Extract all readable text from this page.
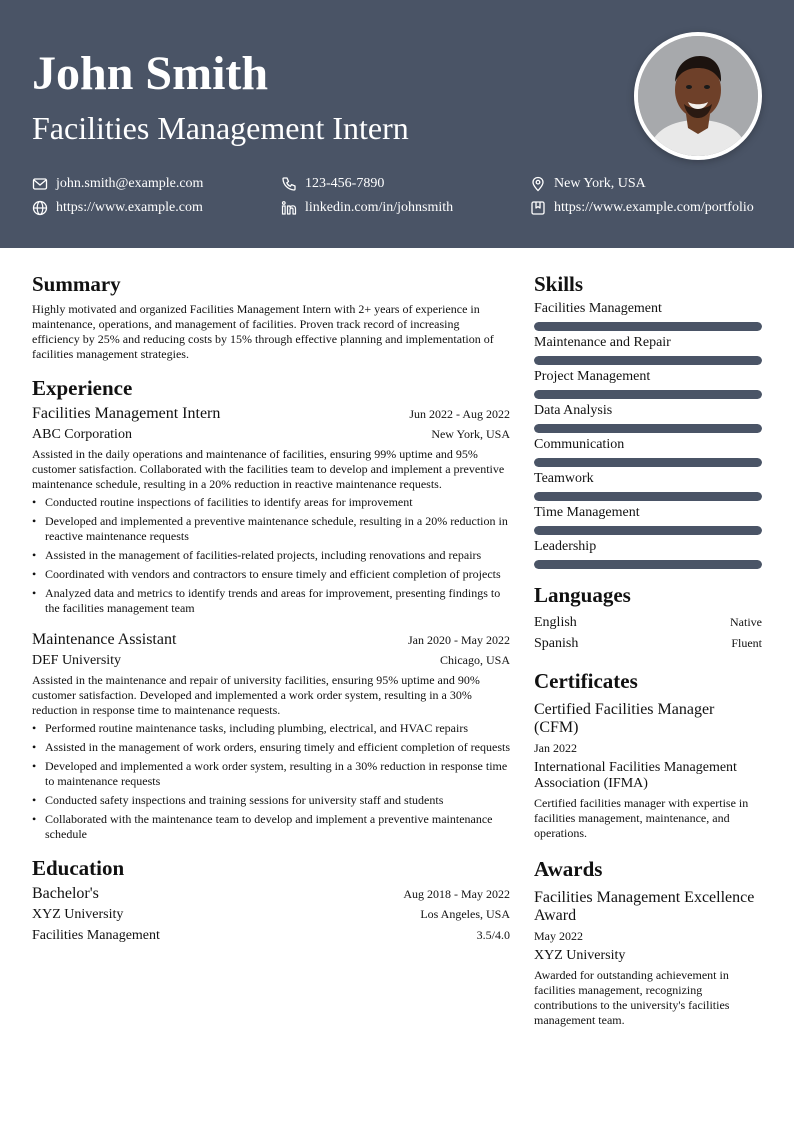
John Smith
Facilities Management Intern
john.smith@example.com	123-456-7890	New York, USA
https://www.example.com	linkedin.com/in/johnsmith	https://www.example.com/portfolio
Summary

Highly motivated and organized Facilities Management Intern with 2+ years of experience in maintenance, operations, and management of facilities. Proven track record of increasing efficiency by 25% and reducing costs by 15% through effective planning and implementation of facilities management strategies.

Experience
Facilities Management Intern	Jun 2022 - Aug 2022
ABC Corporation	New York, USA

Assisted in the daily operations and maintenance of facilities, ensuring 99% uptime and 95% customer satisfaction. Collaborated with the facilities team to develop and implement a preventive maintenance schedule, resulting in a 20% reduction in reactive maintenance requests.

• Conducted routine inspections of facilities to identify areas for improvement
• Developed and implemented a preventive maintenance schedule, resulting in a 20% reduction in reactive maintenance requests
• Assisted in the management of facilities-related projects, including renovations and repairs
• Coordinated with vendors and contractors to ensure timely and efficient completion of projects
• Analyzed data and metrics to identify trends and areas for improvement, presenting findings to the facilities management team
Maintenance Assistant	Jan 2020 - May 2022
DEF University	Chicago, USA

Assisted in the maintenance and repair of university facilities, ensuring 95% uptime and 90% customer satisfaction. Developed and implemented a work order system, resulting in a 30% reduction in response time to maintenance requests.

• Performed routine maintenance tasks, including plumbing, electrical, and HVAC repairs
• Assisted in the management of work orders, ensuring timely and efficient completion of requests
• Developed and implemented a work order system, resulting in a 30% reduction in response time to maintenance requests
• Conducted safety inspections and training sessions for university staff and students
• Collaborated with the maintenance team to develop and implement a preventive maintenance schedule
Education
Bachelor's	Aug 2018 - May 2022
XYZ University	Los Angeles, USA
Facilities Management	3.5/4.0
Skills
Facilities Management
Maintenance and Repair
Project Management
Data Analysis
Communication
Teamwork
Time Management
Leadership
Languages
English	Native
Spanish	Fluent
Certificates
Certified Facilities Manager (CFM)
Jan 2022
International Facilities Management Association (IFMA)
Certified facilities manager with expertise in facilities management, maintenance, and operations.
Awards
Facilities Management Excellence Award
May 2022
XYZ University
Awarded for outstanding achievement in facilities management, recognizing contributions to the university's facilities management team.
